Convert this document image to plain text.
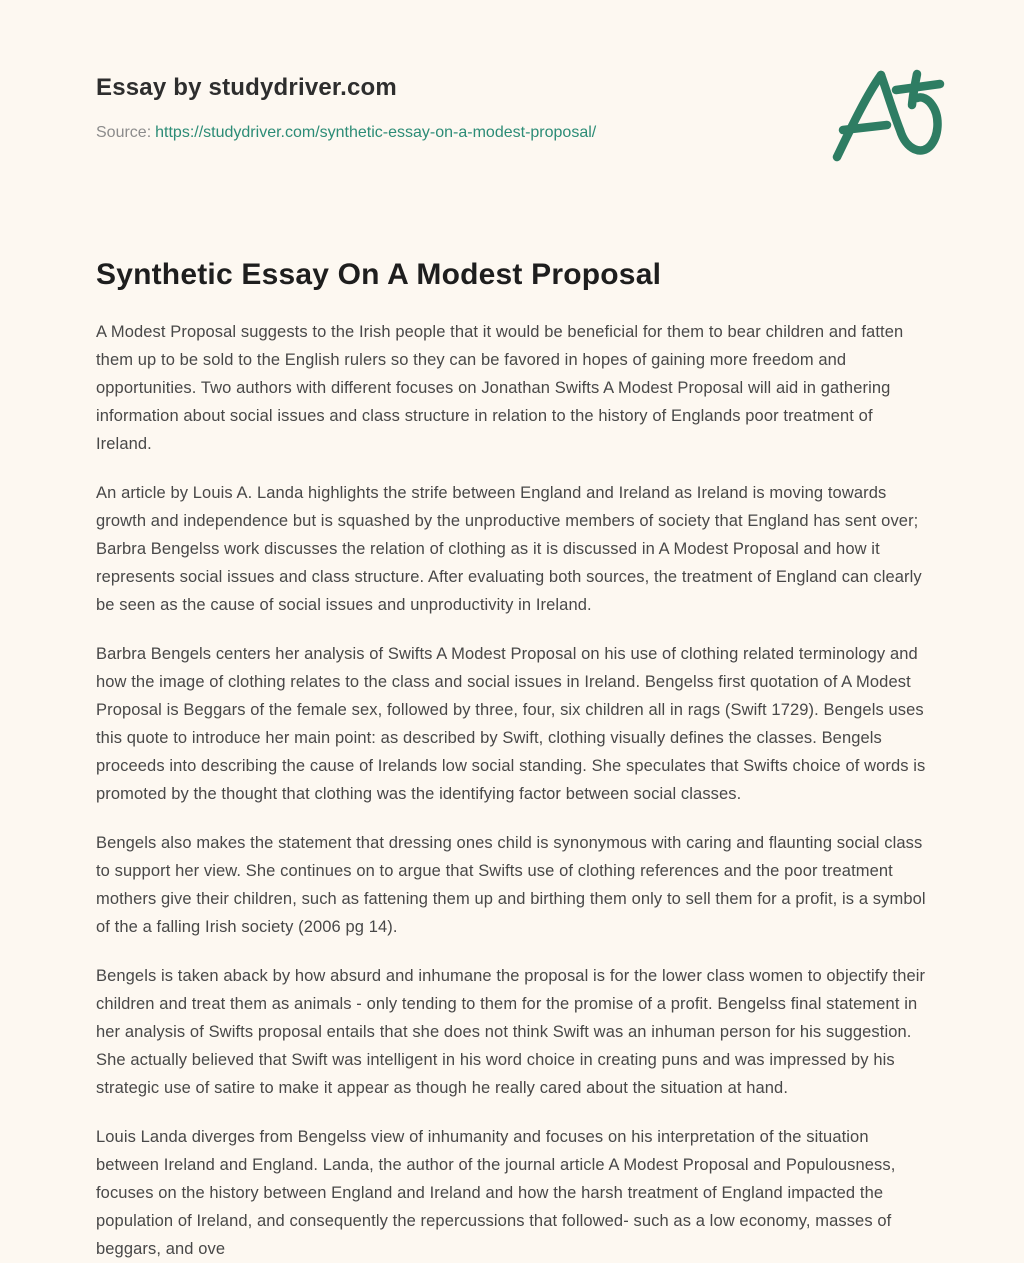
Essay by studydriver.com
Source: https://studydriver.com/synthetic-essay-on-a-modest-proposal/
Synthetic Essay On A Modest Proposal

A Modest Proposal suggests to the Irish people that it would be beneficial for them to bear children and fatten them up to be sold to the English rulers so they can be favored in hopes of gaining more freedom and opportunities. Two authors with different focuses on Jonathan Swifts A Modest Proposal will aid in gathering information about social issues and class structure in relation to the history of Englands poor treatment of Ireland.

An article by Louis A. Landa highlights the strife between England and Ireland as Ireland is moving towards growth and independence but is squashed by the unproductive members of society that England has sent over; Barbra Bengelss work discusses the relation of clothing as it is discussed in A Modest Proposal and how it represents social issues and class structure. After evaluating both sources, the treatment of England can clearly be seen as the cause of social issues and unproductivity in Ireland.

Barbra Bengels centers her analysis of Swifts A Modest Proposal on his use of clothing related terminology and how the image of clothing relates to the class and social issues in Ireland. Bengelss first quotation of A Modest Proposal is Beggars of the female sex, followed by three, four, six children all in rags (Swift 1729). Bengels uses this quote to introduce her main point: as described by Swift, clothing visually defines the classes. Bengels proceeds into describing the cause of Irelands low social standing. She speculates that Swifts choice of words is promoted by the thought that clothing was the identifying factor between social classes.

Bengels also makes the statement that dressing ones child is synonymous with caring and flaunting social class to support her view. She continues on to argue that Swifts use of clothing references and the poor treatment mothers give their children, such as fattening them up and birthing them only to sell them for a profit, is a symbol of the a falling Irish society (2006 pg 14).

Bengels is taken aback by how absurd and inhumane the proposal is for the lower class women to objectify their children and treat them as animals - only tending to them for the promise of a profit. Bengelss final statement in her analysis of Swifts proposal entails that she does not think Swift was an inhuman person for his suggestion. She actually believed that Swift was intelligent in his word choice in creating puns and was impressed by his strategic use of satire to make it appear as though he really cared about the situation at hand.

Louis Landa diverges from Bengelss view of inhumanity and focuses on his interpretation of the situation between Ireland and England. Landa, the author of the journal article A Modest Proposal and Populousness, focuses on the history between England and Ireland and how the harsh treatment of England impacted the population of Ireland, and consequently the repercussions that followed- such as a low economy, masses of beggars, and ove
